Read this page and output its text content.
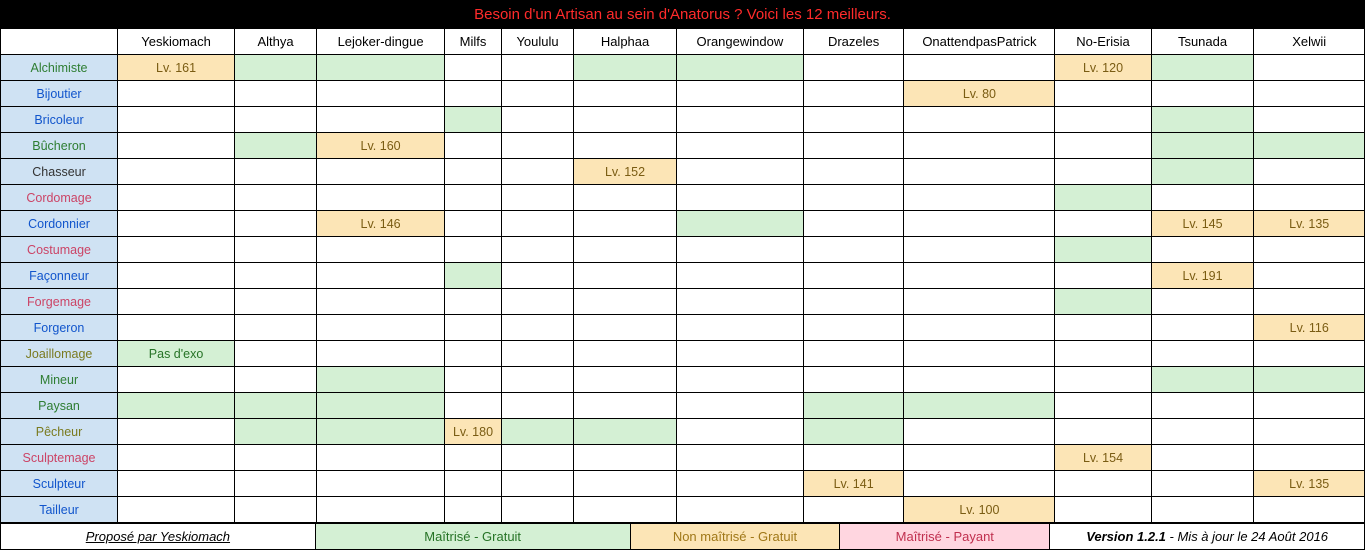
Besoin d'un Artisan au sein d'Anatorus ? Voici les 12 meilleurs.
	Yeskiomach	Althya	Lejoker-dingue	Milfs	Yoululu	Halphaa	Orangewindow	Drazeles	OnattendpasPatrick	No-Erisia	Tsunada	Xelwii
Alchimiste	Lv. 161									Lv. 120		
Bijoutier									Lv. 80			
Bricoleur												
Bûcheron			Lv. 160									
Chasseur						Lv. 152						
Cordomage												
Cordonnier			Lv. 146								Lv. 145	Lv. 135
Costumage												
Façonneur											Lv. 191	
Forgemage												
Forgeron												Lv. 116
Joaillomage	Pas d'exo											
Mineur												
Paysan												
Pêcheur				Lv. 180								
Sculptemage										Lv. 154		
Sculpteur								Lv. 141				Lv. 135
Tailleur									Lv. 100			
Proposé par Yeskiomach	Maîtrisé - Gratuit	Non maîtrisé - Gratuit	Maîtrisé - Payant	Version 1.2.1 - Mis à jour le 24 Août 2016
